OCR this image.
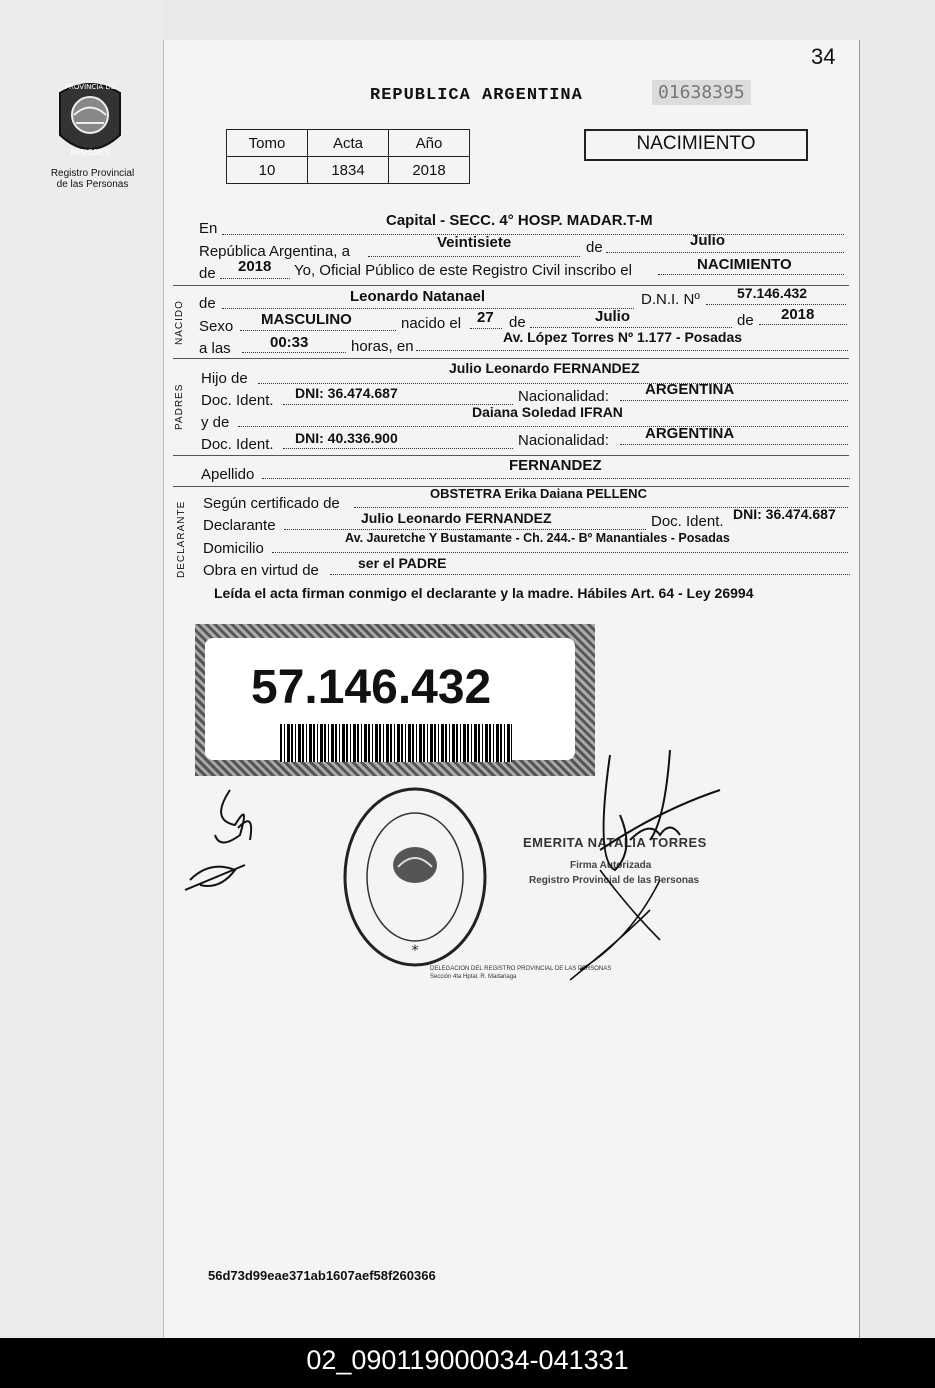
34
PROVINCIA DE
MISIONES
Registro Provincial
de las Personas
REPUBLICA ARGENTINA	01638395
Tomo	Acta	Año
10	1834	2018
NACIMIENTO
En	Capital - SECC. 4° HOSP. MADAR.T-M
República Argentina, a
Veintisiete	de	Julio
de 2018 Yo, Oficial Público de este Registro Civil inscribo el	NACIMIENTO
NACIDO de	Leonardo Natanael	D.N.I. Nº	57.146.432
Sexo MASCULINO	nacido el 27 de	Julio	de 2018
a las	00:33	horas, en
Av. López Torres Nº 1.177 - Posadas
PADRES
Hijo de
Julio Leonardo FERNANDEZ
Doc. Ident. DNI: 36.474.687	Nacionalidad: ARGENTINA
y de
Daiana Soledad IFRAN
Doc. Ident. DNI: 40.336.900	Nacionalidad: ARGENTINA
Apellido
FERNANDEZ
DECLARANTE Según certificado de
OBSTETRA Erika Daiana PELLENC
Declarante	Julio Leonardo FERNANDEZ	Doc. Ident. DNI: 36.474.687
Domicilio
Av. Jauretche Y Bustamante - Ch. 244.- Bº Manantiales - Posadas
Obra en virtud de	ser el PADRE
Leída el acta firman conmigo el declarante y la madre. Hábiles Art. 64 - Ley 26994
57.146.432
*
DELEGACION DEL REGISTRO PROVINCIAL DE LAS PERSONAS
Sección 4ta Hptal. R. Madariaga
EMERITA NATALIA TORRES
Firma Autorizada
Registro Provincial de las Personas
56d73d99eae371ab1607aef58f260366
02_090119000034-041331
